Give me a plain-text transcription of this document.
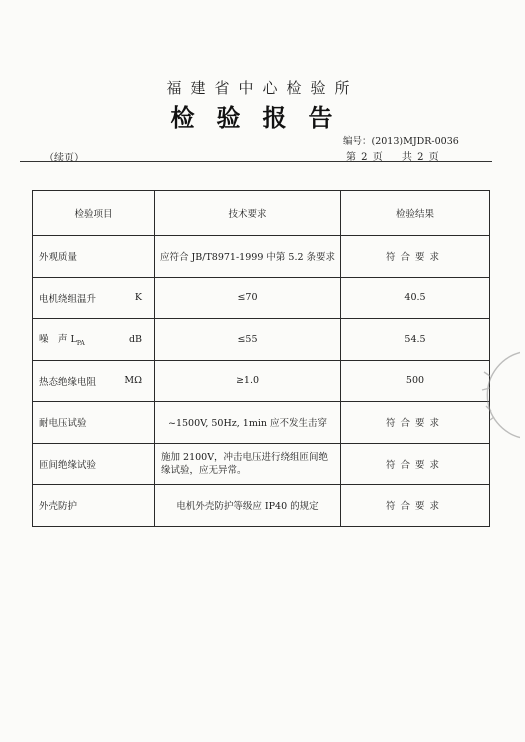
福建省中心检验所
检验报告
编号：(2013)MJDR-0036
（续页）	第 2 页 共 2 页
检验项目	技术要求	检验结果

外观质量	应符合 JB/T8971-1999 中第 5.2 条要求	符合要求

电机绕组温升 K	≤70	40.5

噪　声 $L_{PA}$ dB	≤55	54.5

热态绝缘电阻 MΩ	≥1.0	500

耐电压试验	~1500V, 50Hz, 1min 应不发生击穿	符合要求

匝间绝缘试验	施加 2100V，冲击电压进行绕组匝间绝缘试验，应无异常。	符合要求

外壳防护	电机外壳防护等级应 IP40 的规定	符合要求
